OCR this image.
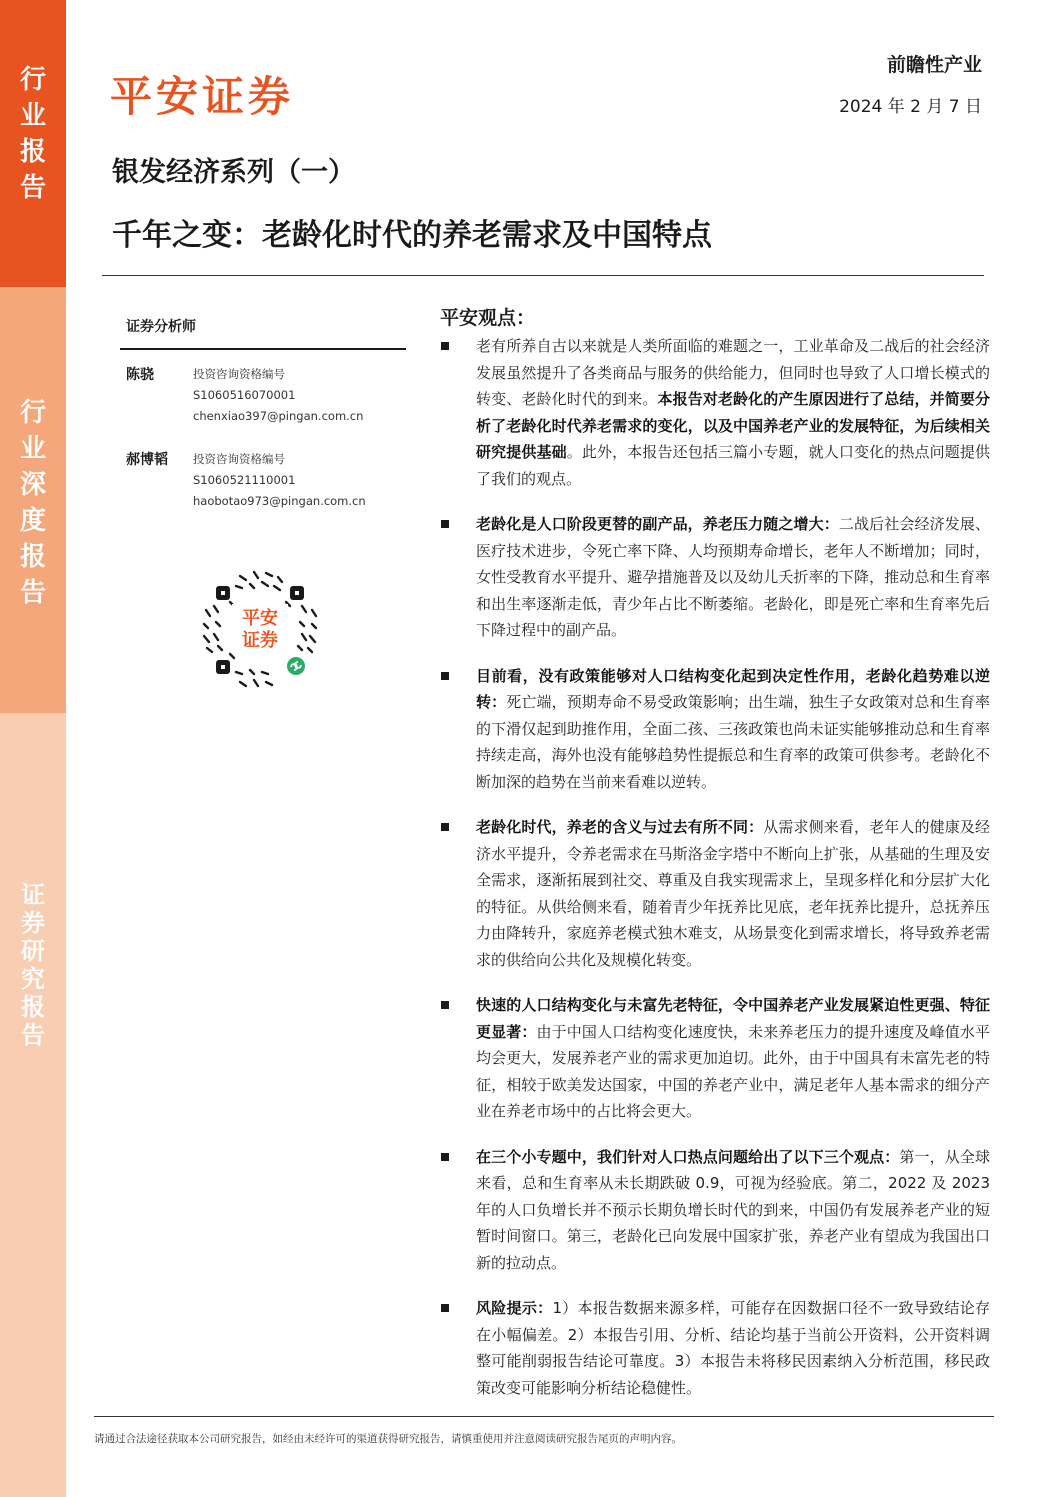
行
业
报
告
行
业
深
度
报
告
证
券
研
究
报
告
平安证券
前瞻性产业
2024 年 2 月 7 日
银发经济系列（一）
千年之变：老龄化时代的养老需求及中国特点
证券分析师
陈骁	投资咨询资格编号
S1060516070001
chenxiao397@pingan.com.cn
郝博韬 投资咨询资格编号
S1060521110001
haobotao973@pingan.com.cn
平安
证券
平安观点：
老有所养自古以来就是人类所面临的难题之一，工业革命及二战后的社会经济发展虽然提升了各类商品与服务的供给能力，但同时也导致了人口增长模式的转变、老龄化时代的到来。本报告对老龄化的产生原因进行了总结，并简要分析了老龄化时代养老需求的变化，以及中国养老产业的发展特征，为后续相关研究提供基础。此外，本报告还包括三篇小专题，就人口变化的热点问题提供了我们的观点。
老龄化是人口阶段更替的副产品，养老压力随之增大：二战后社会经济发展、医疗技术进步，令死亡率下降、人均预期寿命增长，老年人不断增加；同时，女性受教育水平提升、避孕措施普及以及幼儿夭折率的下降，推动总和生育率和出生率逐渐走低，青少年占比不断萎缩。老龄化，即是死亡率和生育率先后下降过程中的副产品。
目前看，没有政策能够对人口结构变化起到决定性作用，老龄化趋势难以逆转：死亡端，预期寿命不易受政策影响；出生端，独生子女政策对总和生育率的下滑仅起到助推作用，全面二孩、三孩政策也尚未证实能够推动总和生育率持续走高，海外也没有能够趋势性提振总和生育率的政策可供参考。老龄化不断加深的趋势在当前来看难以逆转。
老龄化时代，养老的含义与过去有所不同：从需求侧来看，老年人的健康及经济水平提升，令养老需求在马斯洛金字塔中不断向上扩张，从基础的生理及安全需求，逐渐拓展到社交、尊重及自我实现需求上，呈现多样化和分层扩大化的特征。从供给侧来看，随着青少年抚养比见底，老年抚养比提升，总抚养压力由降转升，家庭养老模式独木难支，从场景变化到需求增长，将导致养老需求的供给向公共化及规模化转变。
快速的人口结构变化与未富先老特征，令中国养老产业发展紧迫性更强、特征更显著：由于中国人口结构变化速度快，未来养老压力的提升速度及峰值水平均会更大，发展养老产业的需求更加迫切。此外，由于中国具有未富先老的特征，相较于欧美发达国家，中国的养老产业中，满足老年人基本需求的细分产业在养老市场中的占比将会更大。
在三个小专题中，我们针对人口热点问题给出了以下三个观点：第一，从全球来看，总和生育率从未长期跌破 0.9，可视为经验底。第二，2022 及 2023 年的人口负增长并不预示长期负增长时代的到来，中国仍有发展养老产业的短暂时间窗口。第三，老龄化已向发展中国家扩张，养老产业有望成为我国出口新的拉动点。
风险提示：1）本报告数据来源多样，可能存在因数据口径不一致导致结论存在小幅偏差。2）本报告引用、分析、结论均基于当前公开资料，公开资料调整可能削弱报告结论可靠度。3）本报告未将移民因素纳入分析范围，移民政策改变可能影响分析结论稳健性。
请通过合法途径获取本公司研究报告，如经由未经许可的渠道获得研究报告，请慎重使用并注意阅读研究报告尾页的声明内容。
